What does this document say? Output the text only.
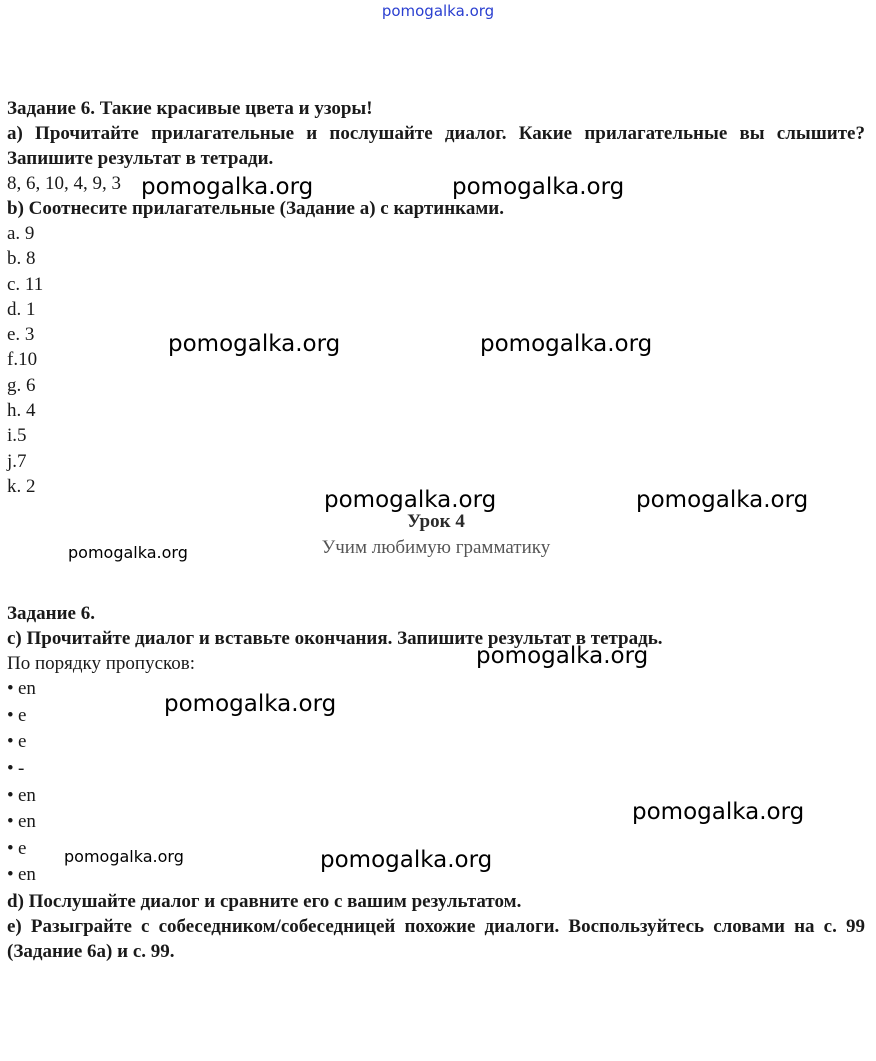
pomogalka.org
Задание 6. Такие красивые цвета и узоры!
a) Прочитайте прилагательные и послушайте диалог. Какие прилагательные вы слышите? Запишите результат в тетради.
8, 6, 10, 4, 9, 3
b) Соотнесите прилагательные (Задание а) с картинками.
a. 9
b. 8
c. 11
d. 1
e. 3
f.10
g. 6
h. 4
i.5
j.7
k. 2
Урок 4
Учим любимую грамматику
Задание 6.
c) Прочитайте диалог и вставьте окончания. Запишите результат в тетрадь.
По порядку пропусков:
• en
• e
• e
• -
• en
• en
• e
• en
d) Послушайте диалог и сравните его с вашим результатом.
e) Разыграйте с собеседником/собеседницей похожие диалоги. Воспользуйтесь словами на с. 99 (Задание 6а) и с. 99.
pomogalka.org	pomogalka.org
pomogalka.org	pomogalka.org
pomogalka.org	pomogalka.org
pomogalka.org
pomogalka.org
pomogalka.org
pomogalka.org
pomogalka.org	pomogalka.org
